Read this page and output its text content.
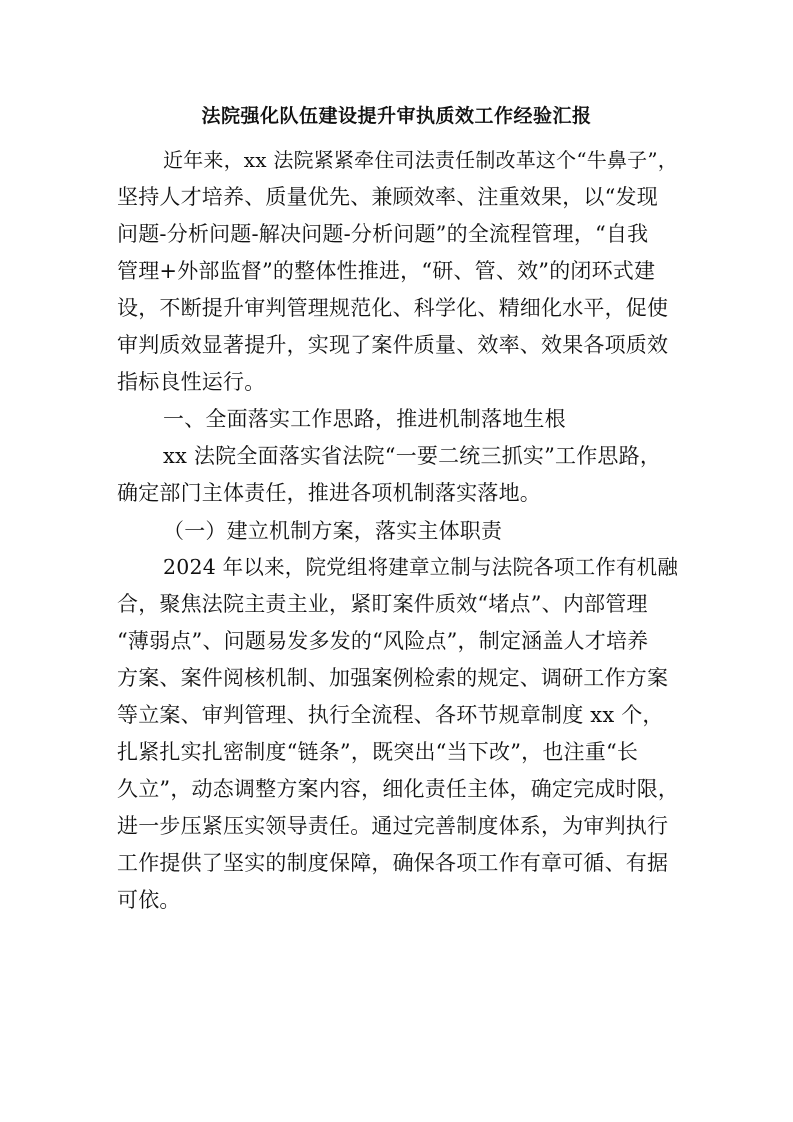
法院强化队伍建设提升审执质效工作经验汇报
近年来，xx 法院紧紧牵住司法责任制改革这个“牛鼻子”，
坚持人才培养、质量优先、兼顾效率、注重效果，以“发现
问题-分析问题-解决问题-分析问题”的全流程管理，“自我
管理+外部监督”的整体性推进，“研、管、效”的闭环式建
设，不断提升审判管理规范化、科学化、精细化水平，促使
审判质效显著提升，实现了案件质量、效率、效果各项质效
指标良性运行。
一、全面落实工作思路，推进机制落地生根
xx 法院全面落实省法院“一要二统三抓实”工作思路，
确定部门主体责任，推进各项机制落实落地。
（一）建立机制方案，落实主体职责
2024 年以来，院党组将建章立制与法院各项工作有机融
合，聚焦法院主责主业，紧盯案件质效“堵点”、内部管理
“薄弱点”、问题易发多发的“风险点”，制定涵盖人才培养
方案、案件阅核机制、加强案例检索的规定、调研工作方案
等立案、审判管理、执行全流程、各环节规章制度 xx 个，
扎紧扎实扎密制度“链条”，既突出“当下改”，也注重“长
久立”，动态调整方案内容，细化责任主体，确定完成时限，
进一步压紧压实领导责任。通过完善制度体系，为审判执行
工作提供了坚实的制度保障，确保各项工作有章可循、有据
可依。
